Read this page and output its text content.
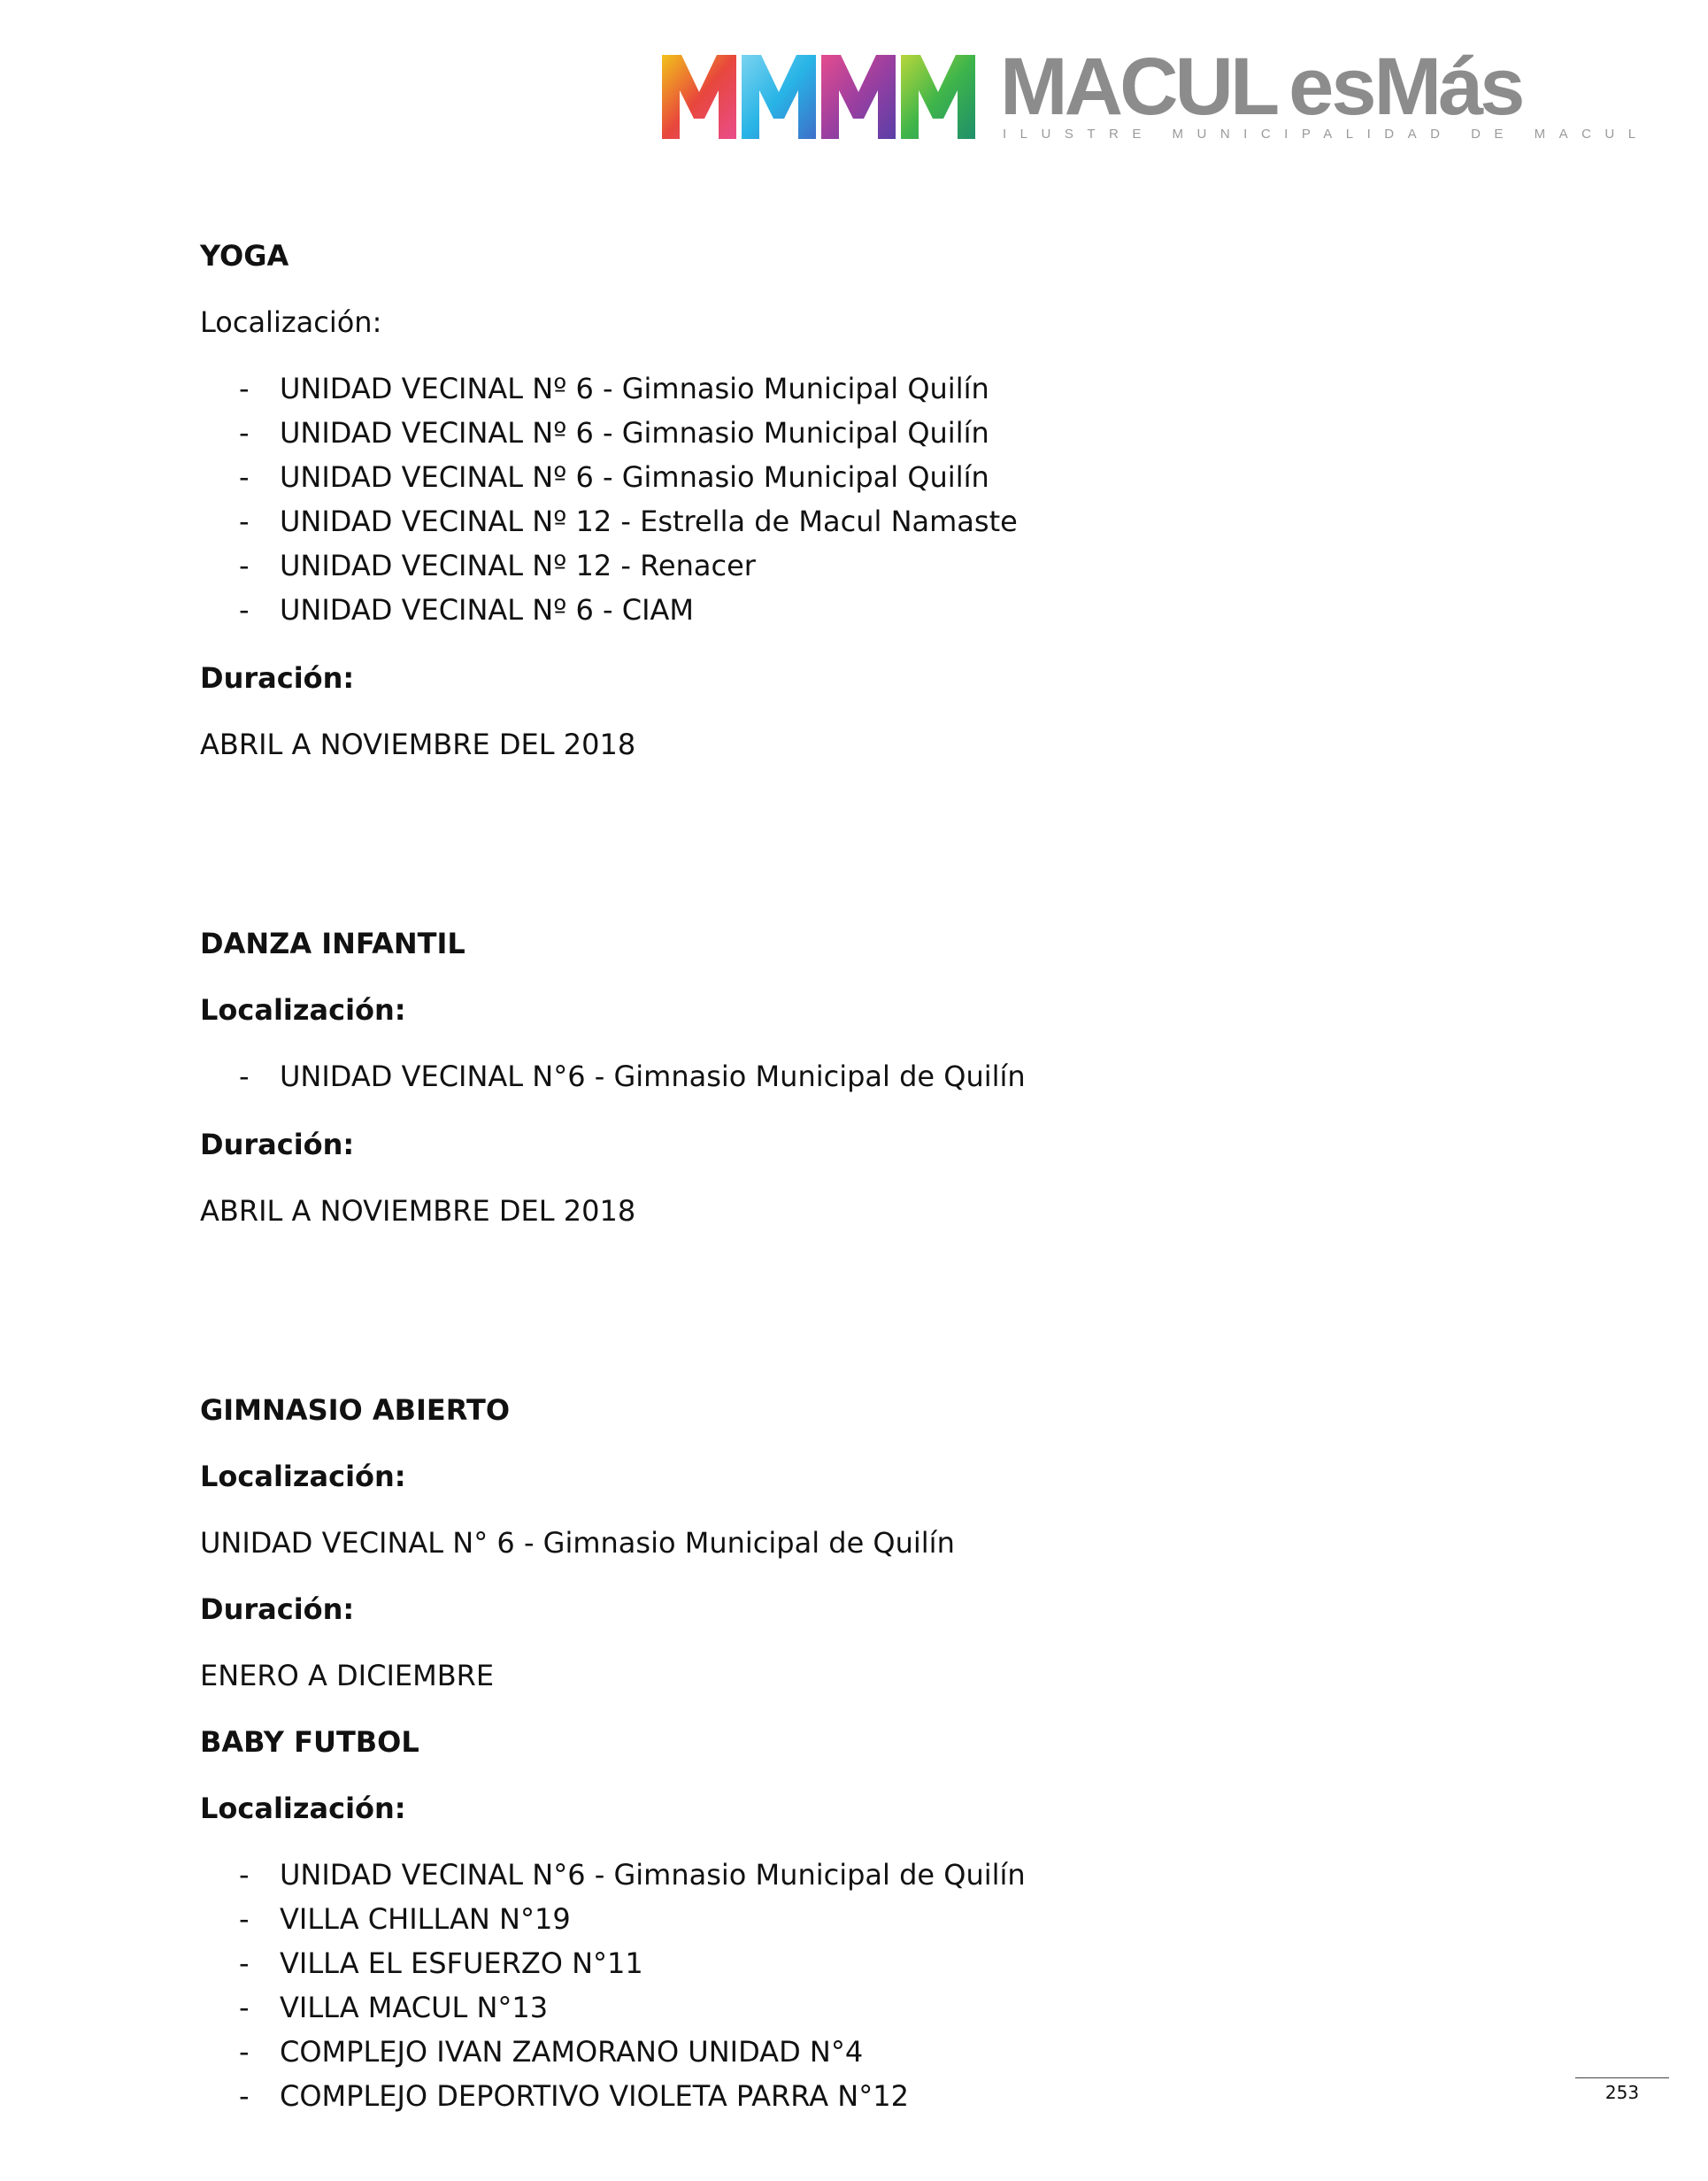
MACUL esMás
ILUSTRE MUNICIPALIDAD DE MACUL

YOGA

Localización:

- UNIDAD VECINAL Nº 6 - Gimnasio Municipal Quilín
- UNIDAD VECINAL Nº 6 - Gimnasio Municipal Quilín
- UNIDAD VECINAL Nº 6 - Gimnasio Municipal Quilín
- UNIDAD VECINAL Nº 12 - Estrella de Macul Namaste
- UNIDAD VECINAL Nº 12 - Renacer
- UNIDAD VECINAL Nº 6 - CIAM

Duración:

ABRIL A NOVIEMBRE DEL 2018

DANZA INFANTIL

Localización:

- UNIDAD VECINAL N°6 - Gimnasio Municipal de Quilín

Duración:

ABRIL A NOVIEMBRE DEL 2018

GIMNASIO ABIERTO

Localización:

UNIDAD VECINAL N° 6 - Gimnasio Municipal de Quilín

Duración:

ENERO A DICIEMBRE

BABY FUTBOL

Localización:

- UNIDAD VECINAL N°6 - Gimnasio Municipal de Quilín
- VILLA CHILLAN N°19
- VILLA EL ESFUERZO N°11
- VILLA MACUL N°13
- COMPLEJO IVAN ZAMORANO UNIDAD N°4
- COMPLEJO DEPORTIVO VIOLETA PARRA N°12	253
